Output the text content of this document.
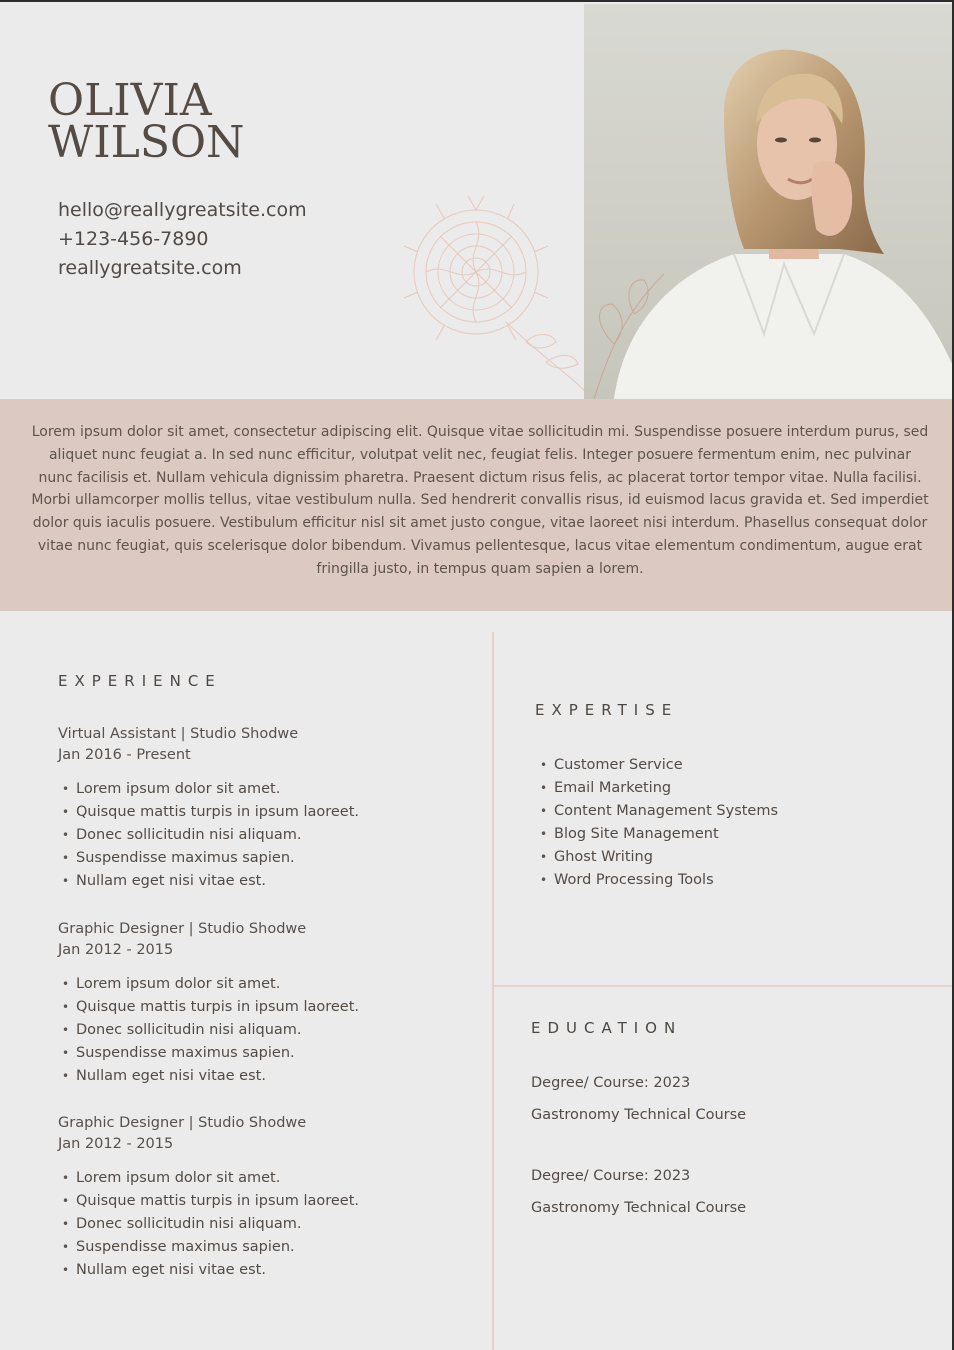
OLIVIA
WILSON
hello@reallygreatsite.com
+123-456-7890
reallygreatsite.com

Lorem ipsum dolor sit amet, consectetur adipiscing elit. Quisque vitae sollicitudin mi. Suspendisse posuere interdum purus, sed aliquet nunc feugiat a. In sed nunc efficitur, volutpat velit nec, feugiat felis. Integer posuere fermentum enim, nec pulvinar nunc facilisis et. Nullam vehicula dignissim pharetra. Praesent dictum risus felis, ac placerat tortor tempor vitae. Nulla facilisi. Morbi ullamcorper mollis tellus, vitae vestibulum nulla. Sed hendrerit convallis risus, id euismod lacus gravida et. Sed imperdiet dolor quis iaculis posuere. Vestibulum efficitur nisl sit amet justo congue, vitae laoreet nisi interdum. Phasellus consequat dolor vitae nunc feugiat, quis scelerisque dolor bibendum. Vivamus pellentesque, lacus vitae elementum condimentum, augue erat fringilla justo, in tempus quam sapien a lorem.

EXPERIENCE
Virtual Assistant | Studio Shodwe
Jan 2016 - Present
• Lorem ipsum dolor sit amet.
• Quisque mattis turpis in ipsum laoreet.
• Donec sollicitudin nisi aliquam.
• Suspendisse maximus sapien.
• Nullam eget nisi vitae est.
Graphic Designer | Studio Shodwe
Jan 2012 - 2015
• Lorem ipsum dolor sit amet.
• Quisque mattis turpis in ipsum laoreet.
• Donec sollicitudin nisi aliquam.
• Suspendisse maximus sapien.
• Nullam eget nisi vitae est.
Graphic Designer | Studio Shodwe
Jan 2012 - 2015
• Lorem ipsum dolor sit amet.
• Quisque mattis turpis in ipsum laoreet.
• Donec sollicitudin nisi aliquam.
• Suspendisse maximus sapien.
• Nullam eget nisi vitae est.
EXPERTISE
• Customer Service
• Email Marketing
• Content Management Systems
• Blog Site Management
• Ghost Writing
• Word Processing Tools
EDUCATION
Degree/ Course: 2023
Gastronomy Technical Course
Degree/ Course: 2023
Gastronomy Technical Course
